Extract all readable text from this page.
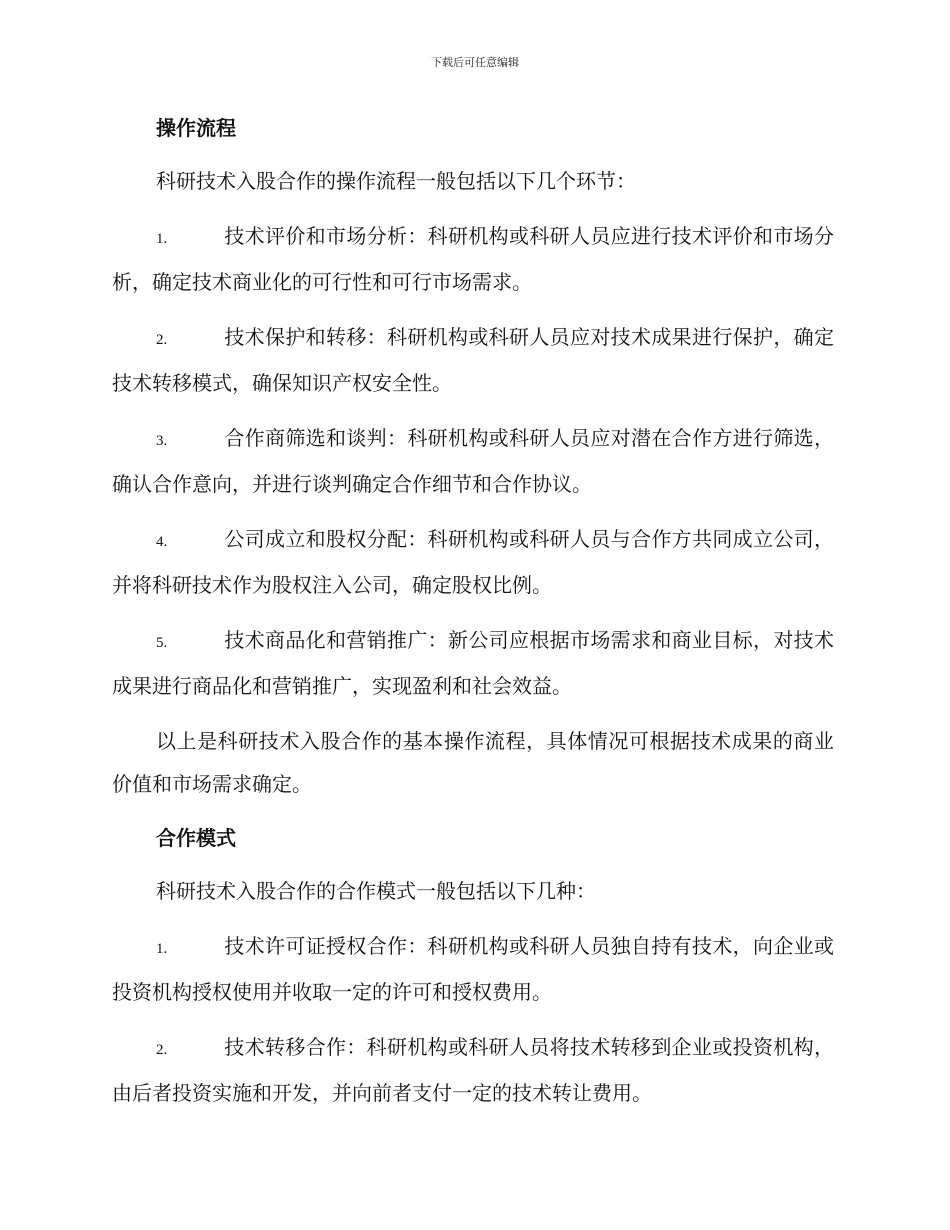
下载后可任意编辑
操作流程

科研技术入股合作的操作流程一般包括以下几个环节：

1.	技术评价和市场分析：科研机构或科研人员应进行技术评价和市场分析，确定技术商业化的可行性和可行市场需求。

2.	技术保护和转移：科研机构或科研人员应对技术成果进行保护，确定技术转移模式，确保知识产权安全性。

3.	合作商筛选和谈判：科研机构或科研人员应对潜在合作方进行筛选，确认合作意向，并进行谈判确定合作细节和合作协议。

4.	公司成立和股权分配：科研机构或科研人员与合作方共同成立公司，并将科研技术作为股权注入公司，确定股权比例。

5.	技术商品化和营销推广：新公司应根据市场需求和商业目标，对技术成果进行商品化和营销推广，实现盈利和社会效益。

以上是科研技术入股合作的基本操作流程，具体情况可根据技术成果的商业价值和市场需求确定。

合作模式

科研技术入股合作的合作模式一般包括以下几种：

1.	技术许可证授权合作：科研机构或科研人员独自持有技术，向企业或投资机构授权使用并收取一定的许可和授权费用。

2.	技术转移合作：科研机构或科研人员将技术转移到企业或投资机构，由后者投资实施和开发，并向前者支付一定的技术转让费用。
